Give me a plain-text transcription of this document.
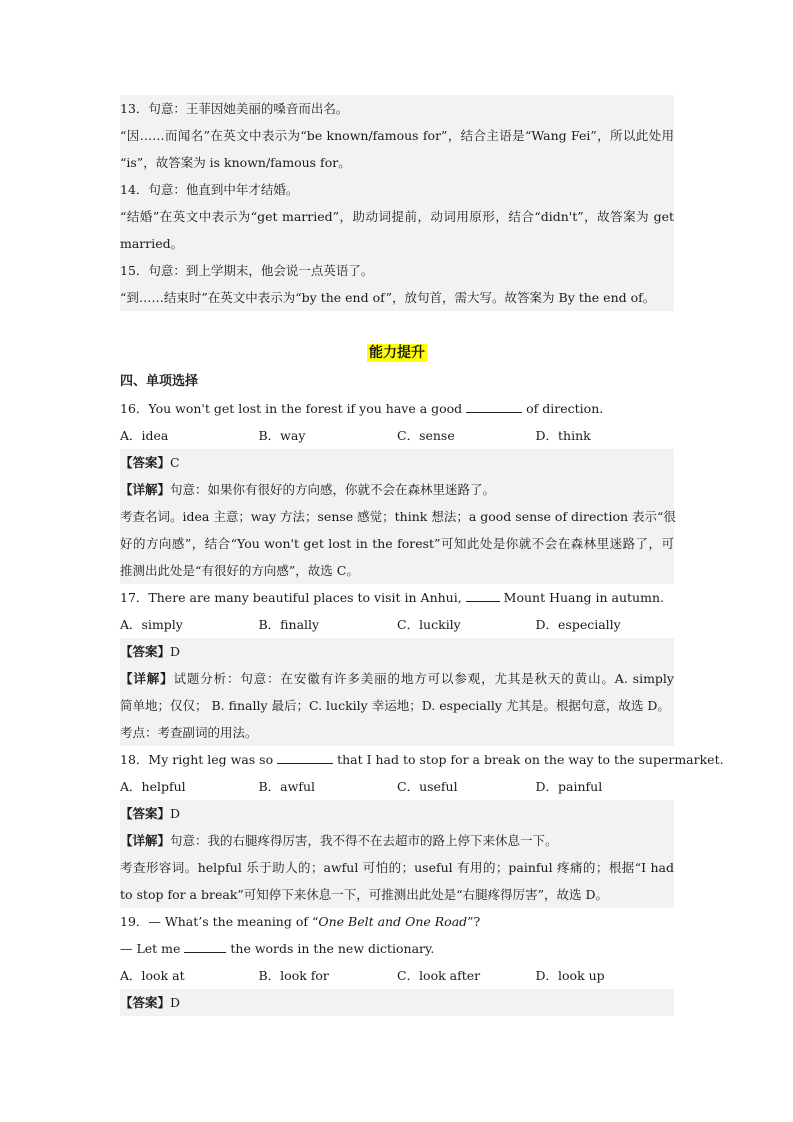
13．句意：王菲因她美丽的嗓音而出名。
“因……而闻名”在英文中表示为“be known/famous for”，结合主语是“Wang Fei”，所以此处用
“is”，故答案为 is known/famous for。
14．句意：他直到中年才结婚。
“结婚”在英文中表示为“get married”，助动词提前，动词用原形，结合“didn't”，故答案为 get
married。
15．句意：到上学期末，他会说一点英语了。
“到……结束时”在英文中表示为“by the end of”，放句首，需大写。故答案为 By the end of。
能力提升
四、单项选择
16．You won't get lost in the forest if you have a good	of direction.
A．idea	B．way	C．sense	D．think
【答案】C
【详解】句意：如果你有很好的方向感，你就不会在森林里迷路了。
考查名词。idea 主意；way 方法；sense 感觉；think 想法；a good sense of direction 表示“很
好的方向感”，结合“You won't get lost in the forest”可知此处是你就不会在森林里迷路了，可
推测出此处是“有很好的方向感”，故选 C。
17．There are many beautiful places to visit in Anhui,	Mount Huang in autumn.
A．simply	B．finally	C．luckily	D．especially
【答案】D
【详解】试题分析：句意：在安徽有许多美丽的地方可以参观，尤其是秋天的黄山。A. simply
简单地；仅仅； B. finally 最后；C. luckily 幸运地；D. especially 尤其是。根据句意，故选 D。
考点：考查副词的用法。
18．My right leg was so	that I had to stop for a break on the way to the supermarket.
A．helpful	B．awful	C．useful	D．painful
【答案】D
【详解】句意：我的右腿疼得厉害，我不得不在去超市的路上停下来休息一下。
考查形容词。helpful 乐于助人的；awful 可怕的；useful 有用的；painful 疼痛的；根据“I had
to stop for a break”可知停下来休息一下，可推测出此处是“右腿疼得厉害”，故选 D。
19．— What’s the meaning of “One Belt and One Road”?
— Let me	the words in the new dictionary.
A．look at	B．look for	C．look after	D．look up
【答案】D
